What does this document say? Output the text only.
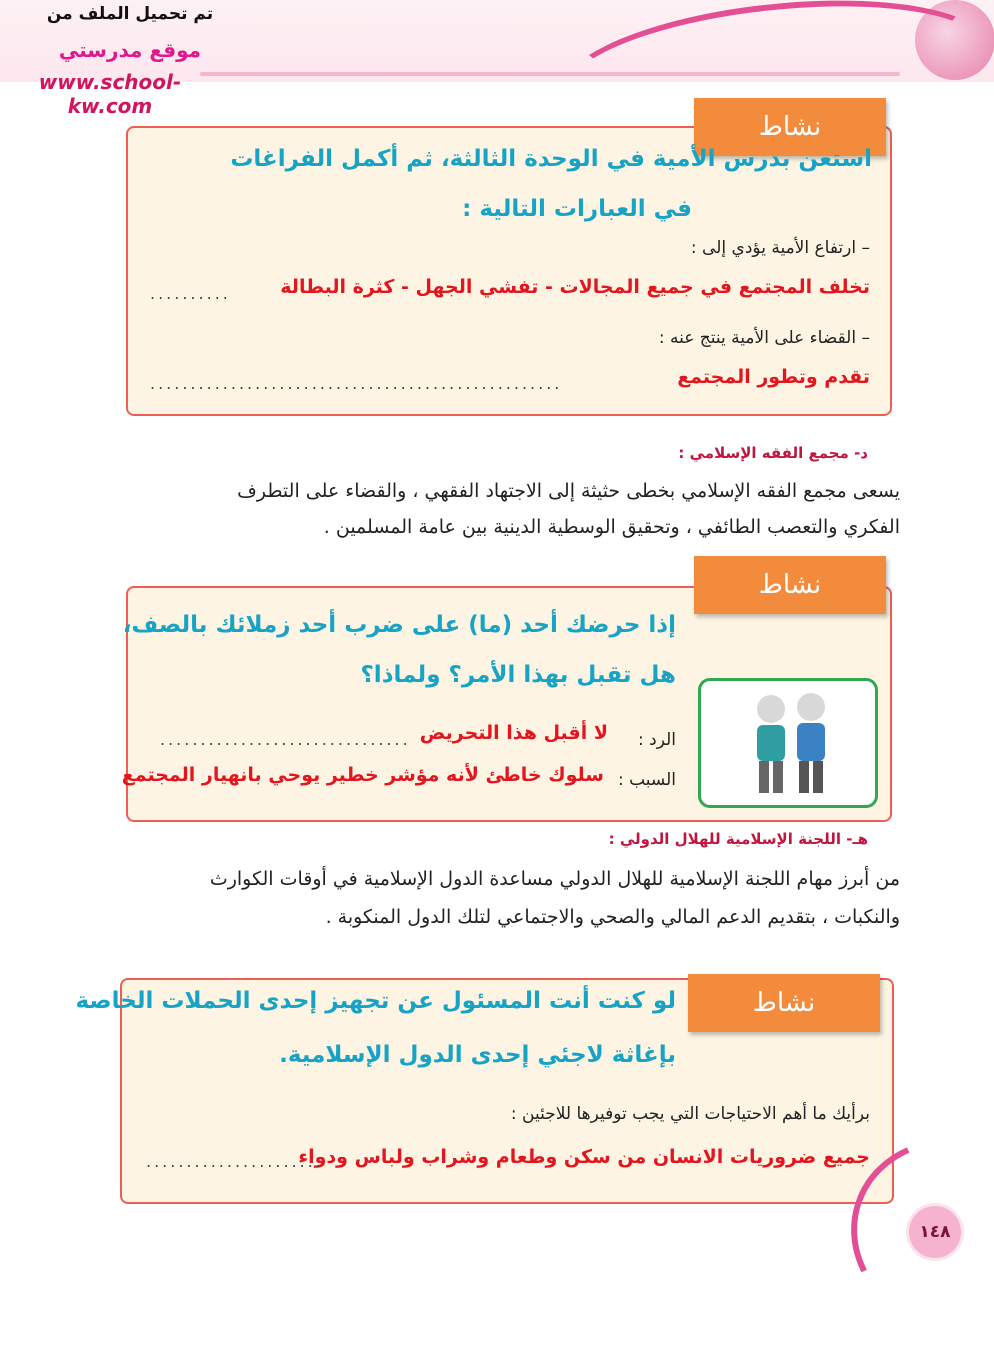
تم تحميل الملف من
موقع مدرستي
www.school-kw.com
نشاط
استعن بدرس الأمية في الوحدة الثالثة، ثم أكمل الفراغات
في العبارات التالية :
– ارتفاع الأمية يؤدي إلى :
تخلف المجتمع في جميع المجالات - تفشي الجهل - كثرة البطالة
..........
– القضاء على الأمية ينتج عنه :
تقدم وتطور المجتمع
...................................................
د- مجمع الفقه الإسلامي :
يسعى مجمع الفقه الإسلامي بخطى حثيثة إلى الاجتهاد الفقهي ، والقضاء على التطرف
الفكري والتعصب الطائفي ، وتحقيق الوسطية الدينية بين عامة المسلمين .
نشاط
إذا حرضك أحد (ما) على ضرب أحد زملائك بالصف،
هل تقبل بهذا الأمر؟ ولماذا؟
الرد :
لا أقبل هذا التحريض
...............................
السبب :
سلوك خاطئ لأنه مؤشر خطير يوحي بانهيار المجتمع
هـ- اللجنة الإسلامية للهلال الدولي :
من أبرز مهام اللجنة الإسلامية للهلال الدولي مساعدة الدول الإسلامية في أوقات الكوارث
والنكبات ، بتقديم الدعم المالي والصحي والاجتماعي لتلك الدول المنكوبة .
نشاط
لو كنت أنت المسئول عن تجهيز إحدى الحملات الخاصة
بإغاثة لاجئي إحدى الدول الإسلامية.
برأيك ما أهم الاحتياجات التي يجب توفيرها للاجئين :
جميع ضروريات الانسان من سكن وطعام وشراب ولباس ودواء
......................
١٤٨
